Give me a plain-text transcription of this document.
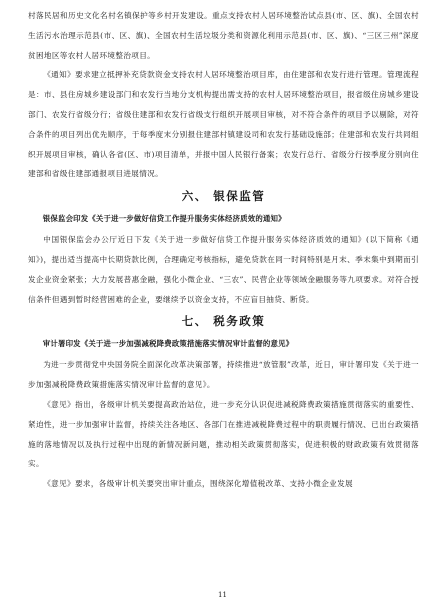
村落民居和历史文化名村名镇保护等乡村开发建设。重点支持农村人居环境整治试点县(市、区、旗)、全国农村生活污水治理示范县(市、区、旗)、全国农村生活垃圾分类和资源化利用示范县(市、区、旗)、“三区三州”深度贫困地区等农村人居环境整治项目。

《通知》要求建立抵押补充贷款资金支持农村人居环境整治项目库，由住建部和农发行进行管理。管理流程是：市、县住房城乡建设部门和农发行当地分支机构提出需支持的农村人居环境整治项目，报省级住房城乡建设部门、农发行省级分行；省级住建部和农发行省级支行组织开展项目审核，对不符合条件的项目予以剔除，对符合条件的项目列出优先顺序，于每季度末分别报住建部村镇建设司和农发行基础设施部；住建部和农发行共同组织开展项目审核，确认各省(区、市)项目清单，并报中国人民银行备案；农发行总行、省级分行按季度分别向住建部和省级住建部通报项目进展情况。

六、 银保监管

银保监会印发《关于进一步做好信贷工作提升服务实体经济质效的通知》

中国银保监会办公厅近日下发《关于进一步做好信贷工作提升服务实体经济质效的通知》(以下简称《通知》)，提出适当提高中长期贷款比例，合理确定考核指标，避免贷款在同一时间特别是月末、季末集中到期而引发企业资金紧张；大力发展普惠金融，强化小微企业、“三农”、民营企业等领域金融服务等九项要求。对符合授信条件但遇到暂时经营困难的企业，要继续予以资金支持，不应盲目抽贷、断贷。

七、 税务政策

审计署印发《关于进一步加强减税降费政策措施落实情况审计监督的意见》

为进一步贯彻党中央国务院全面深化改革决策部署，持续推进“放管服”改革，近日，审计署印发《关于进一步加强减税降费政策措施落实情况审计监督的意见》。

《意见》指出，各级审计机关要提高政治站位，进一步充分认识促进减税降费政策措施贯彻落实的重要性、紧迫性，进一步加强审计监督，持续关注各地区、各部门在推进减税降费过程中的职责履行情况、已出台政策措施的落地情况以及执行过程中出现的新情况新问题，推动相关政策贯彻落实，促进积极的财政政策有效贯彻落实。

《意见》要求，各级审计机关要突出审计重点，围绕深化增值税改革、支持小微企业发展

11
